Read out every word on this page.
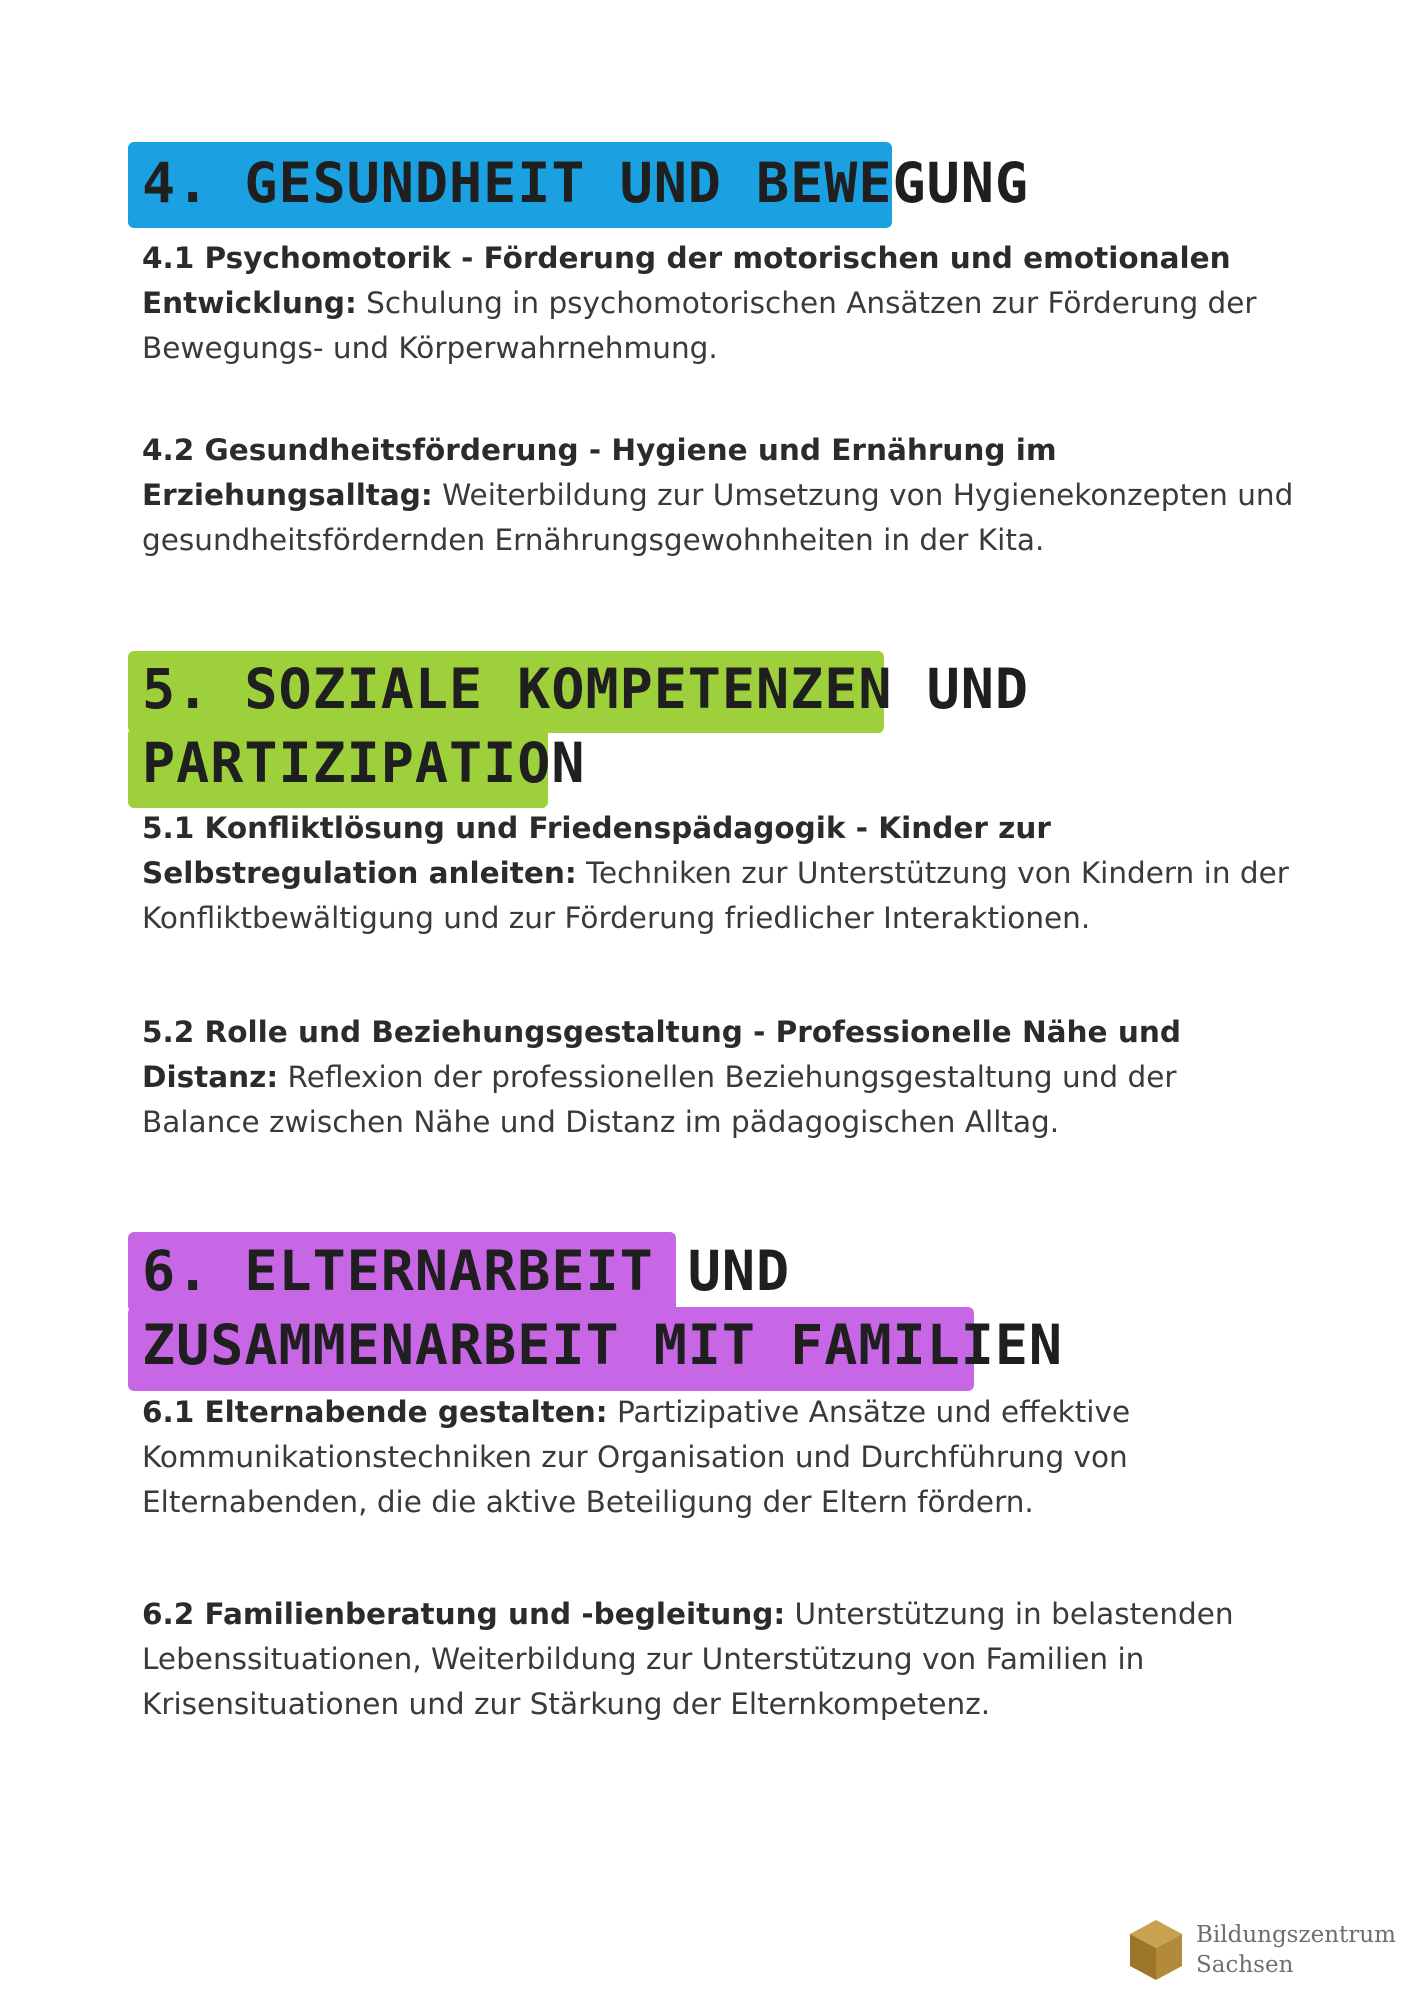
4. GESUNDHEIT UND BEWEGUNG

4.1 Psychomotorik - Förderung der motorischen und emotionalen Entwicklung: Schulung in psychomotorischen Ansätzen zur Förderung der Bewegungs- und Körperwahrnehmung.

4.2 Gesundheitsförderung - Hygiene und Ernährung im Erziehungsalltag: Weiterbildung zur Umsetzung von Hygienekonzepten und gesundheitsfördernden Ernährungsgewohnheiten in der Kita.

5. SOZIALE KOMPETENZEN UND
PARTIZIPATION

5.1 Konfliktlösung und Friedenspädagogik - Kinder zur Selbstregulation anleiten: Techniken zur Unterstützung von Kindern in der Konfliktbewältigung und zur Förderung friedlicher Interaktionen.

5.2 Rolle und Beziehungsgestaltung - Professionelle Nähe und Distanz: Reflexion der professionellen Beziehungsgestaltung und der Balance zwischen Nähe und Distanz im pädagogischen Alltag.

6. ELTERNARBEIT UND
ZUSAMMENARBEIT MIT FAMILIEN

6.1 Elternabende gestalten: Partizipative Ansätze und effektive Kommunikationstechniken zur Organisation und Durchführung von Elternabenden, die die aktive Beteiligung der Eltern fördern.

6.2 Familienberatung und -begleitung: Unterstützung in belastenden Lebenssituationen, Weiterbildung zur Unterstützung von Familien in Krisensituationen und zur Stärkung der Elternkompetenz.

Bildungszentrum
Sachsen
